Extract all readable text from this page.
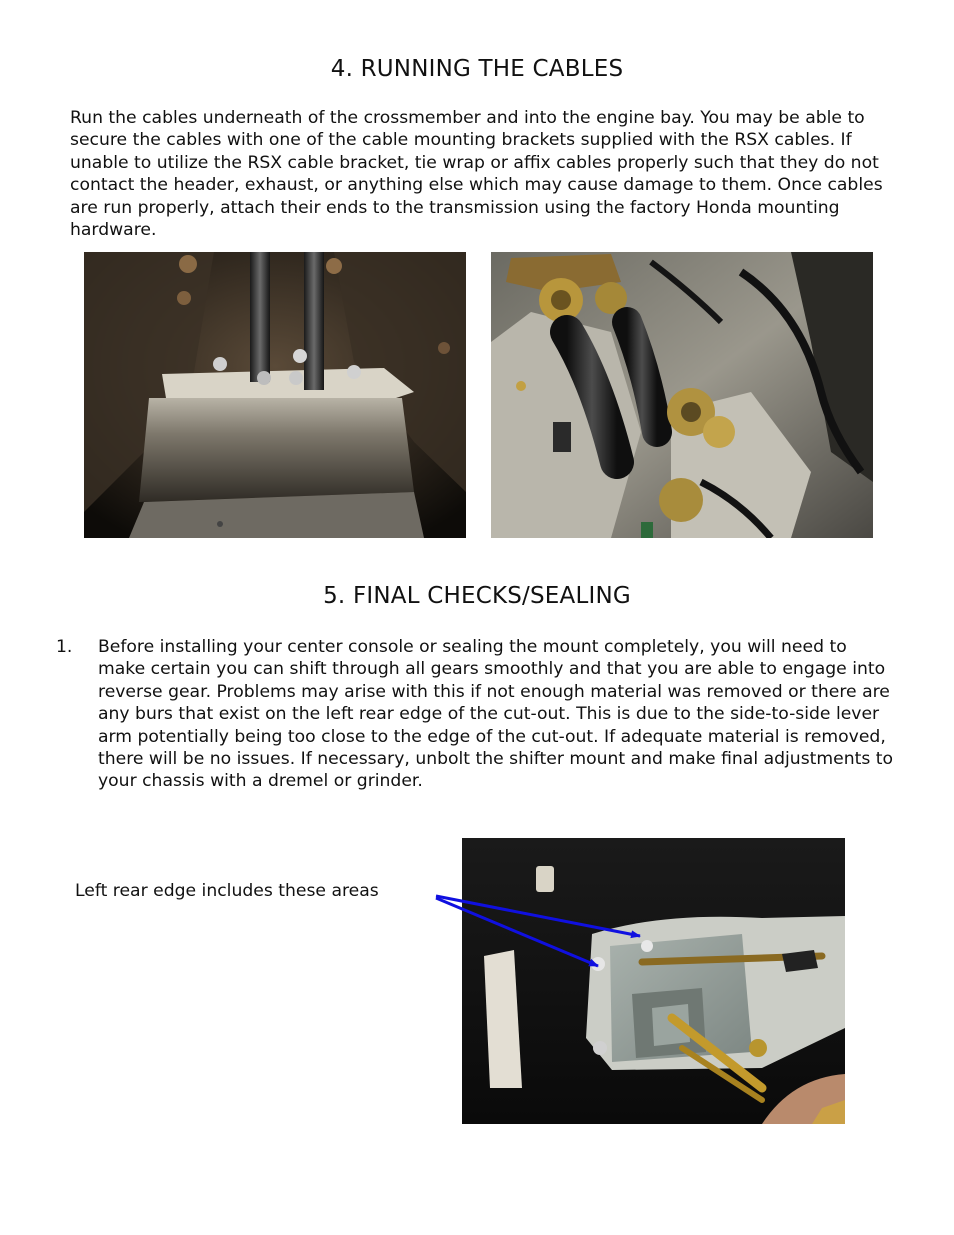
4. RUNNING THE CABLES

Run the cables underneath of the crossmember and into the engine bay. You may be able to secure the cables with one of the cable mounting brackets supplied with the RSX cables. If unable to utilize the RSX cable bracket, tie wrap or affix cables properly such that they do not contact the header, exhaust, or anything else which may cause damage to them. Once cables are run properly, attach their ends to the transmission using the factory Honda mounting hardware.

5. FINAL CHECKS/SEALING
1. Before installing your center console or sealing the mount completely, you will need to make certain you can shift through all gears smoothly and that you are able to engage into reverse gear. Problems may arise with this if not enough material was removed or there are any burs that exist on the left rear edge of the cut-out. This is due to the side-to-side lever arm potentially being too close to the edge of the cut-out. If adequate material is removed, there will be no issues. If necessary, unbolt the shifter mount and make final adjustments to your chassis with a dremel or grinder.

Left rear edge includes these areas
